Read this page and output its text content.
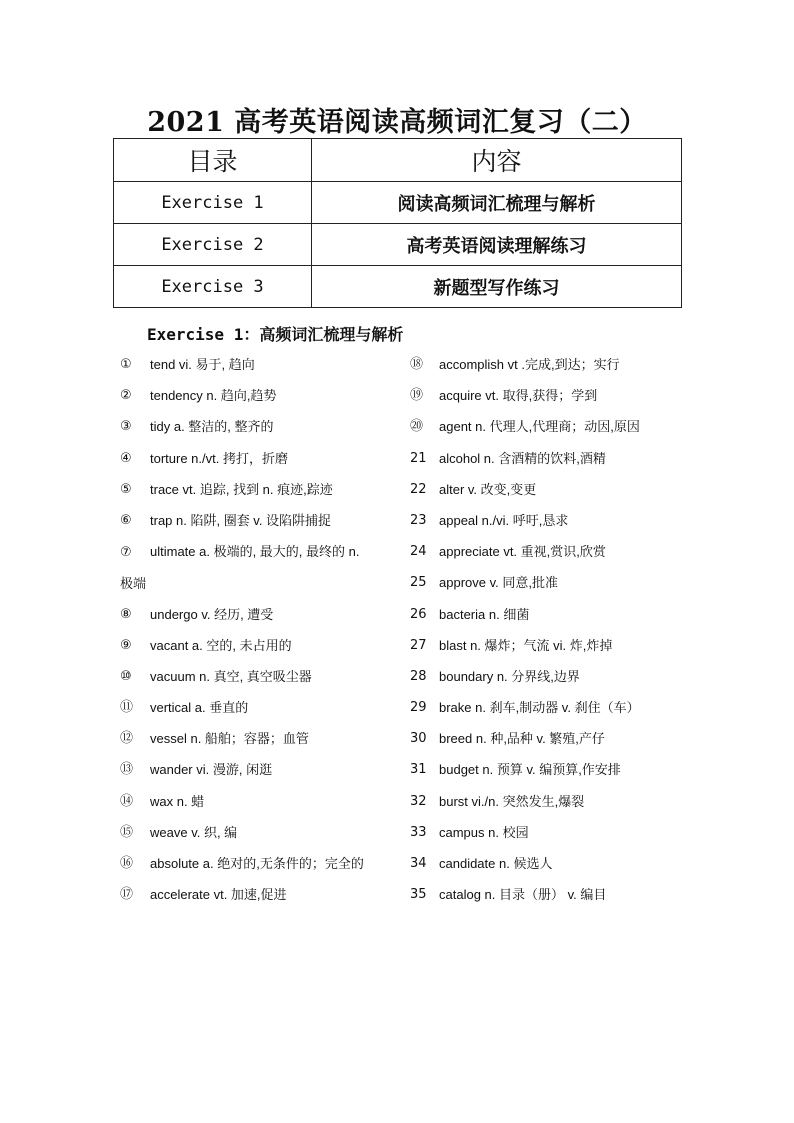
2021 高考英语阅读高频词汇复习（二）
目录	内容
Exercise 1	阅读高频词汇梳理与解析
Exercise 2	高考英语阅读理解练习
Exercise 3	新题型写作练习
Exercise 1：高频词汇梳理与解析
①	tend vi. 易于, 趋向
②	tendency n. 趋向,趋势
③	tidy a. 整洁的, 整齐的
④	torture n./vt. 拷打，折磨
⑤	trace vt. 追踪, 找到 n. 痕迹,踪迹
⑥	trap n. 陷阱, 圈套 v. 设陷阱捕捉
⑦ ultimate a. 极端的, 最大的, 最终的 n.
极端
⑧	undergo v. 经历, 遭受
⑨	vacant a. 空的, 未占用的
⑩	vacuum n. 真空, 真空吸尘器
⑪	vertical a. 垂直的
⑫	vessel n. 船舶；容器；血管
⑬	wander vi. 漫游, 闲逛
⑭	wax n. 蜡
⑮	weave v. 织, 编
⑯	absolute a. 绝对的,无条件的；完全的
⑰	accelerate vt. 加速,促进
⑱	accomplish vt .完成,到达；实行
⑲	acquire vt. 取得,获得；学到
⑳	agent n. 代理人,代理商；动因,原因
21 alcohol n. 含酒精的饮料,酒精
22 alter v. 改变,变更
23 appeal n./vi. 呼吁,恳求
24 appreciate vt. 重视,赏识,欣赏
25 approve v. 同意,批准
26 bacteria n. 细菌
27 blast n. 爆炸；气流 vi. 炸,炸掉
28 boundary n. 分界线,边界
29 brake n. 刹车,制动器 v. 刹住（车）
30 breed n. 种,品种 v. 繁殖,产仔
31 budget n. 预算 v. 编预算,作安排
32 burst vi./n. 突然发生,爆裂
33 campus n. 校园
34 candidate n. 候选人
35 catalog n. 目录（册） v. 编目
